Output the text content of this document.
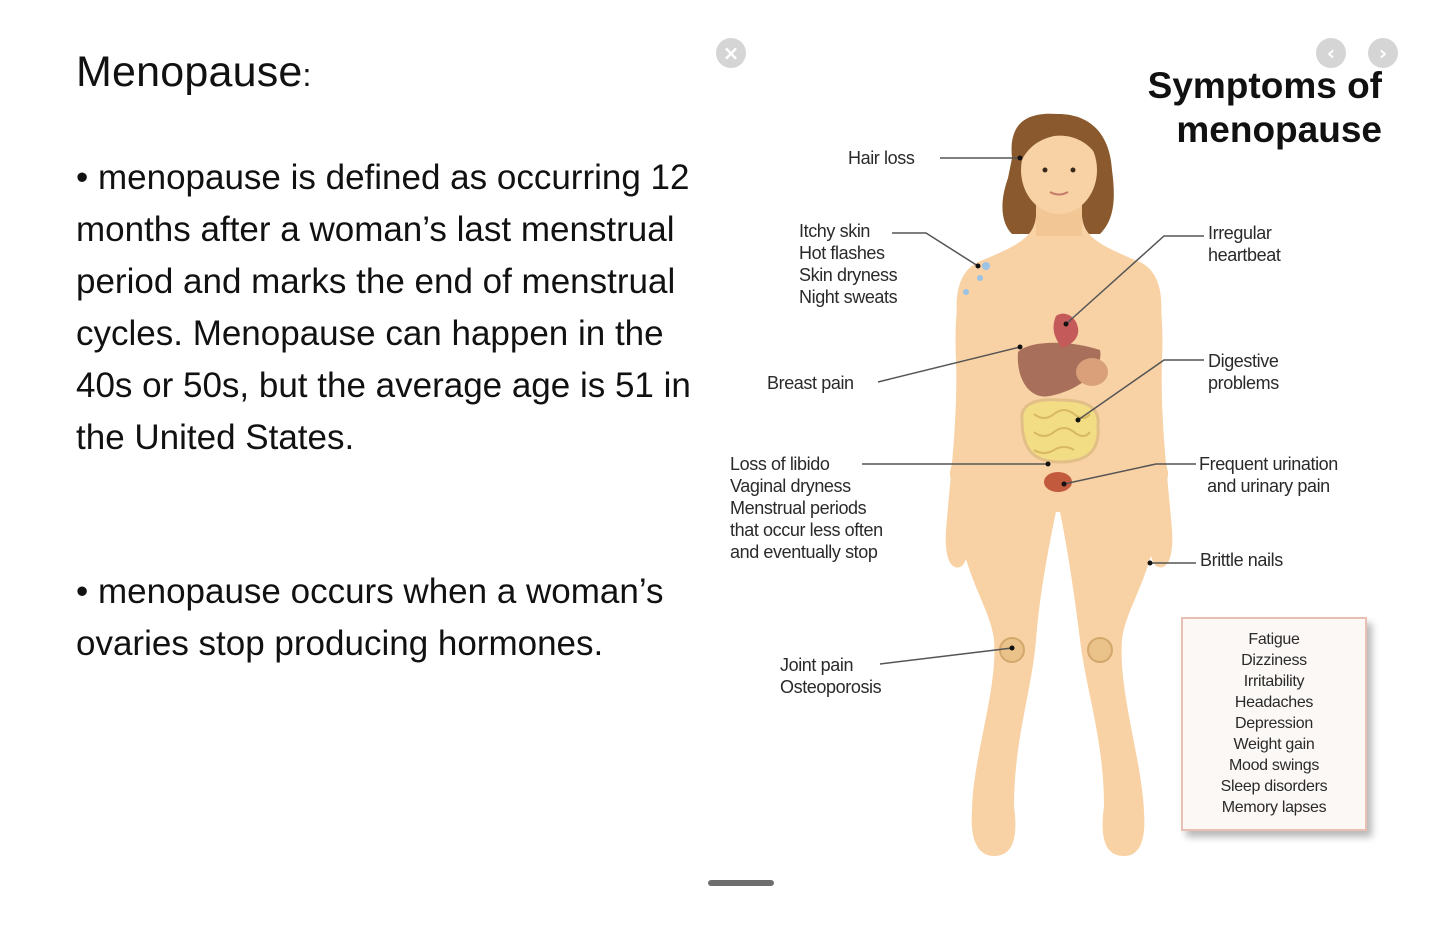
Menopause:
• menopause is defined as occurring 12 months after a woman’s last menstrual period and marks the end of menstrual cycles. Menopause can happen in the 40s or 50s, but the average age is 51 in the United States.
• menopause occurs when a woman’s ovaries stop producing hormones.
×	‹	›
Symptoms of
menopause
Hair loss
Itchy skin
Hot flashes
Skin dryness
Night sweats
Breast pain
Loss of libido
Vaginal dryness
Menstrual periods
that occur less often
and eventually stop
Joint pain
Osteoporosis
Irregular
heartbeat
Digestive
problems
Frequent urination
and urinary pain
Brittle nails
Fatigue
Dizziness
Irritability
Headaches
Depression
Weight gain
Mood swings
Sleep disorders
Memory lapses
